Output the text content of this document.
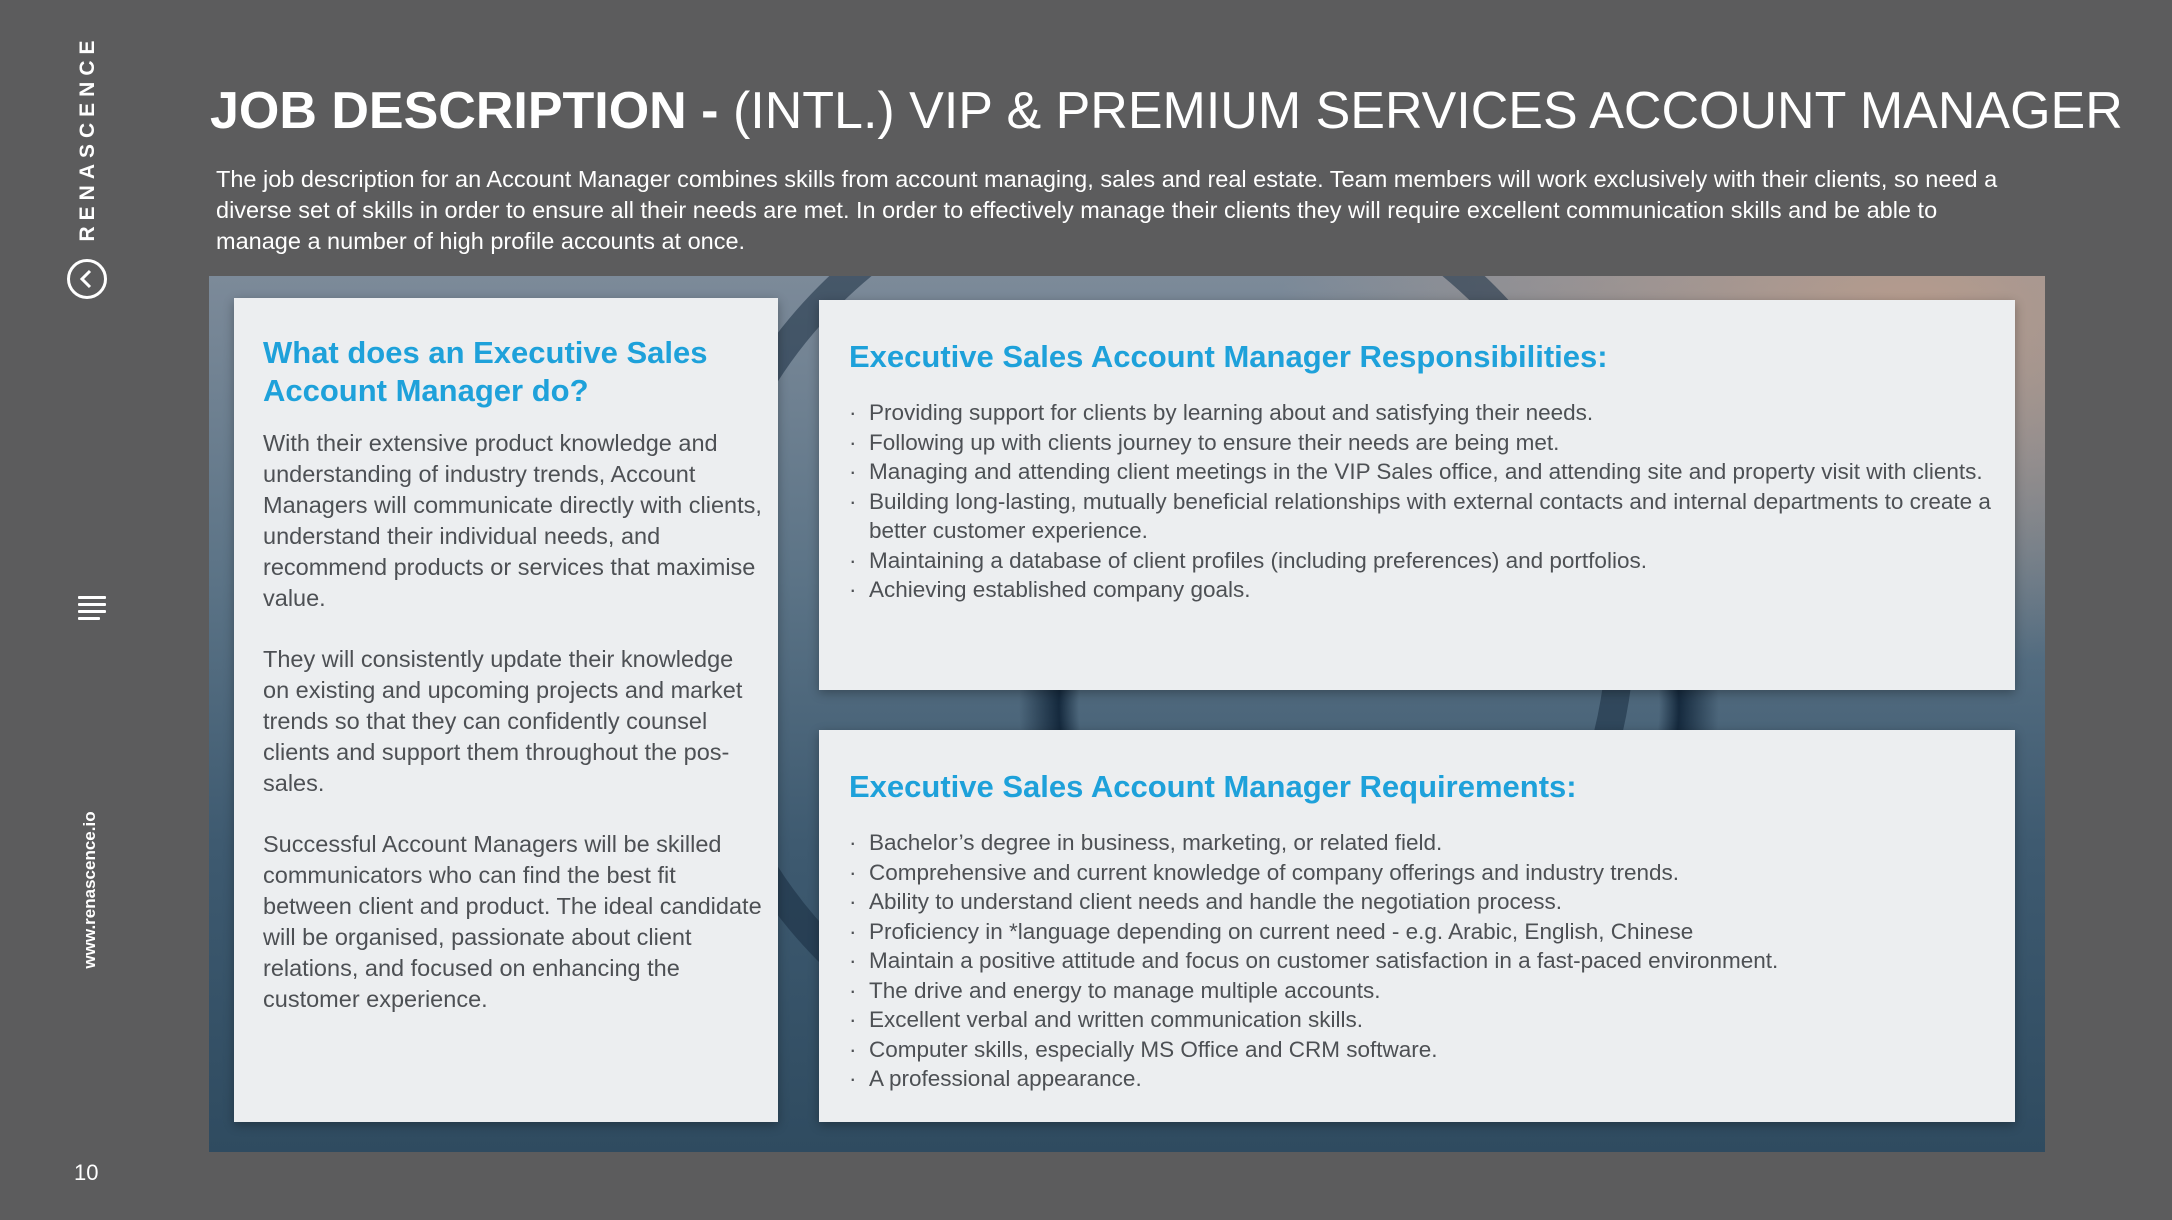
RENASCENCE
www.renascence.io
10
JOB DESCRIPTION - (INTL.) VIP & PREMIUM SERVICES ACCOUNT MANAGER

The job description for an Account Manager combines skills from account managing, sales and real estate. Team members will work exclusively with their clients, so need a diverse set of skills in order to ensure all their needs are met. In order to effectively manage their clients they will require excellent communication skills and be able to manage a number of high profile accounts at once.

What does an Executive Sales Account Manager do?

With their extensive product knowledge and understanding of industry trends, Account Managers will communicate directly with clients, understand their individual needs, and recommend products or services that maximise value.

They will consistently update their knowledge on existing and upcoming projects and market trends so that they can confidently counsel clients and support them throughout the pos-sales.

Successful Account Managers will be skilled communicators who can find the best fit between client and product. The ideal candidate will be organised, passionate about client relations, and focused on enhancing the customer experience.

Executive Sales Account Manager Responsibilities:
· Providing support for clients by learning about and satisfying their needs.
· Following up with clients journey to ensure their needs are being met.
· Managing and attending client meetings in the VIP Sales office, and attending site and property visit with clients.
· Building long-lasting, mutually beneficial relationships with external contacts and internal departments to create a better customer experience.
· Maintaining a database of client profiles (including preferences) and portfolios.
· Achieving established company goals.
Executive Sales Account Manager Requirements:
· Bachelor’s degree in business, marketing, or related field.
· Comprehensive and current knowledge of company offerings and industry trends.
· Ability to understand client needs and handle the negotiation process.
· Proficiency in *language depending on current need - e.g. Arabic, English, Chinese
· Maintain a positive attitude and focus on customer satisfaction in a fast-paced environment.
· The drive and energy to manage multiple accounts.
· Excellent verbal and written communication skills.
· Computer skills, especially MS Office and CRM software.
· A professional appearance.
